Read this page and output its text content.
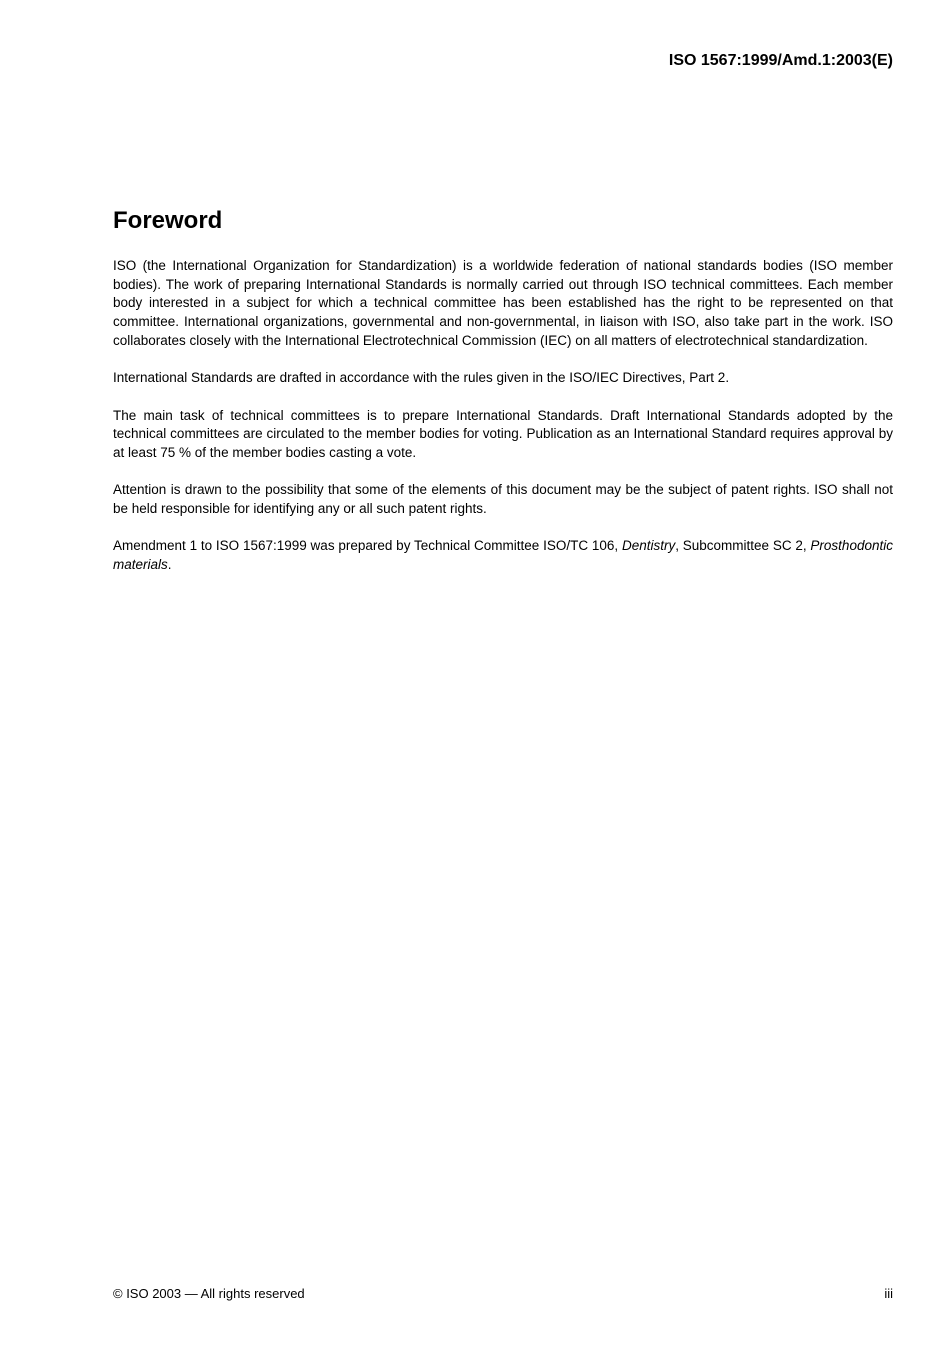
ISO 1567:1999/Amd.1:2003(E)
Foreword

ISO (the International Organization for Standardization) is a worldwide federation of national standards bodies (ISO member bodies). The work of preparing International Standards is normally carried out through ISO technical committees. Each member body interested in a subject for which a technical committee has been established has the right to be represented on that committee. International organizations, governmental and non-governmental, in liaison with ISO, also take part in the work. ISO collaborates closely with the International Electrotechnical Commission (IEC) on all matters of electrotechnical standardization.

International Standards are drafted in accordance with the rules given in the ISO/IEC Directives, Part 2.

The main task of technical committees is to prepare International Standards. Draft International Standards adopted by the technical committees are circulated to the member bodies for voting. Publication as an International Standard requires approval by at least 75 % of the member bodies casting a vote.

Attention is drawn to the possibility that some of the elements of this document may be the subject of patent rights. ISO shall not be held responsible for identifying any or all such patent rights.

Amendment 1 to ISO 1567:1999 was prepared by Technical Committee ISO/TC 106, Dentistry, Subcommittee SC 2, Prosthodontic materials.

© ISO 2003 — All rights reserved	iii
